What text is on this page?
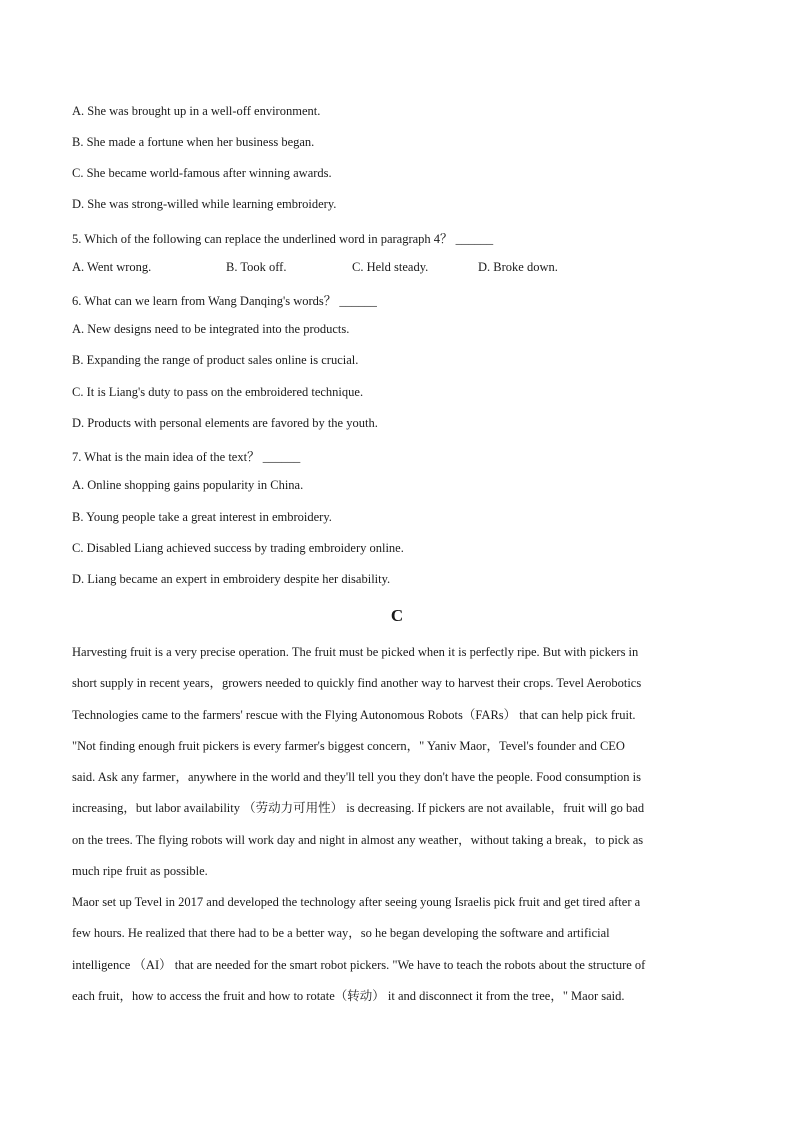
A. She was brought up in a well-off environment.
B. She made a fortune when her business began.
C. She became world-famous after winning awards.
D. She was strong-willed while learning embroidery.
5. Which of the following can replace the underlined word in paragraph 4？ ______
A. Went wrong.	B. Took off.	C. Held steady.	D. Broke down.
6. What can we learn from Wang Danqing's words？ ______
A. New designs need to be integrated into the products.
B. Expanding the range of product sales online is crucial.
C. It is Liang's duty to pass on the embroidered technique.
D. Products with personal elements are favored by the youth.
7. What is the main idea of the text？ ______
A. Online shopping gains popularity in China.
B. Young people take a great interest in embroidery.
C. Disabled Liang achieved success by trading embroidery online.
D. Liang became an expert in embroidery despite her disability.
C
Harvesting fruit is a very precise operation. The fruit must be picked when it is perfectly ripe. But with pickers in
short supply in recent years，growers needed to quickly find another way to harvest their crops. Tevel Aerobotics
Technologies came to the farmers' rescue with the Flying Autonomous Robots（FARs） that can help pick fruit.
"Not finding enough fruit pickers is every farmer's biggest concern，" Yaniv Maor，Tevel's founder and CEO
said. Ask any farmer，anywhere in the world and they'll tell you they don't have the people. Food consumption is
increasing，but labor availability （劳动力可用性） is decreasing. If pickers are not available，fruit will go bad
on the trees. The flying robots will work day and night in almost any weather，without taking a break，to pick as
much ripe fruit as possible.
Maor set up Tevel in 2017 and developed the technology after seeing young Israelis pick fruit and get tired after a
few hours. He realized that there had to be a better way，so he began developing the software and artificial
intelligence （AI） that are needed for the smart robot pickers. "We have to teach the robots about the structure of
each fruit，how to access the fruit and how to rotate（转动） it and disconnect it from the tree，" Maor said.
